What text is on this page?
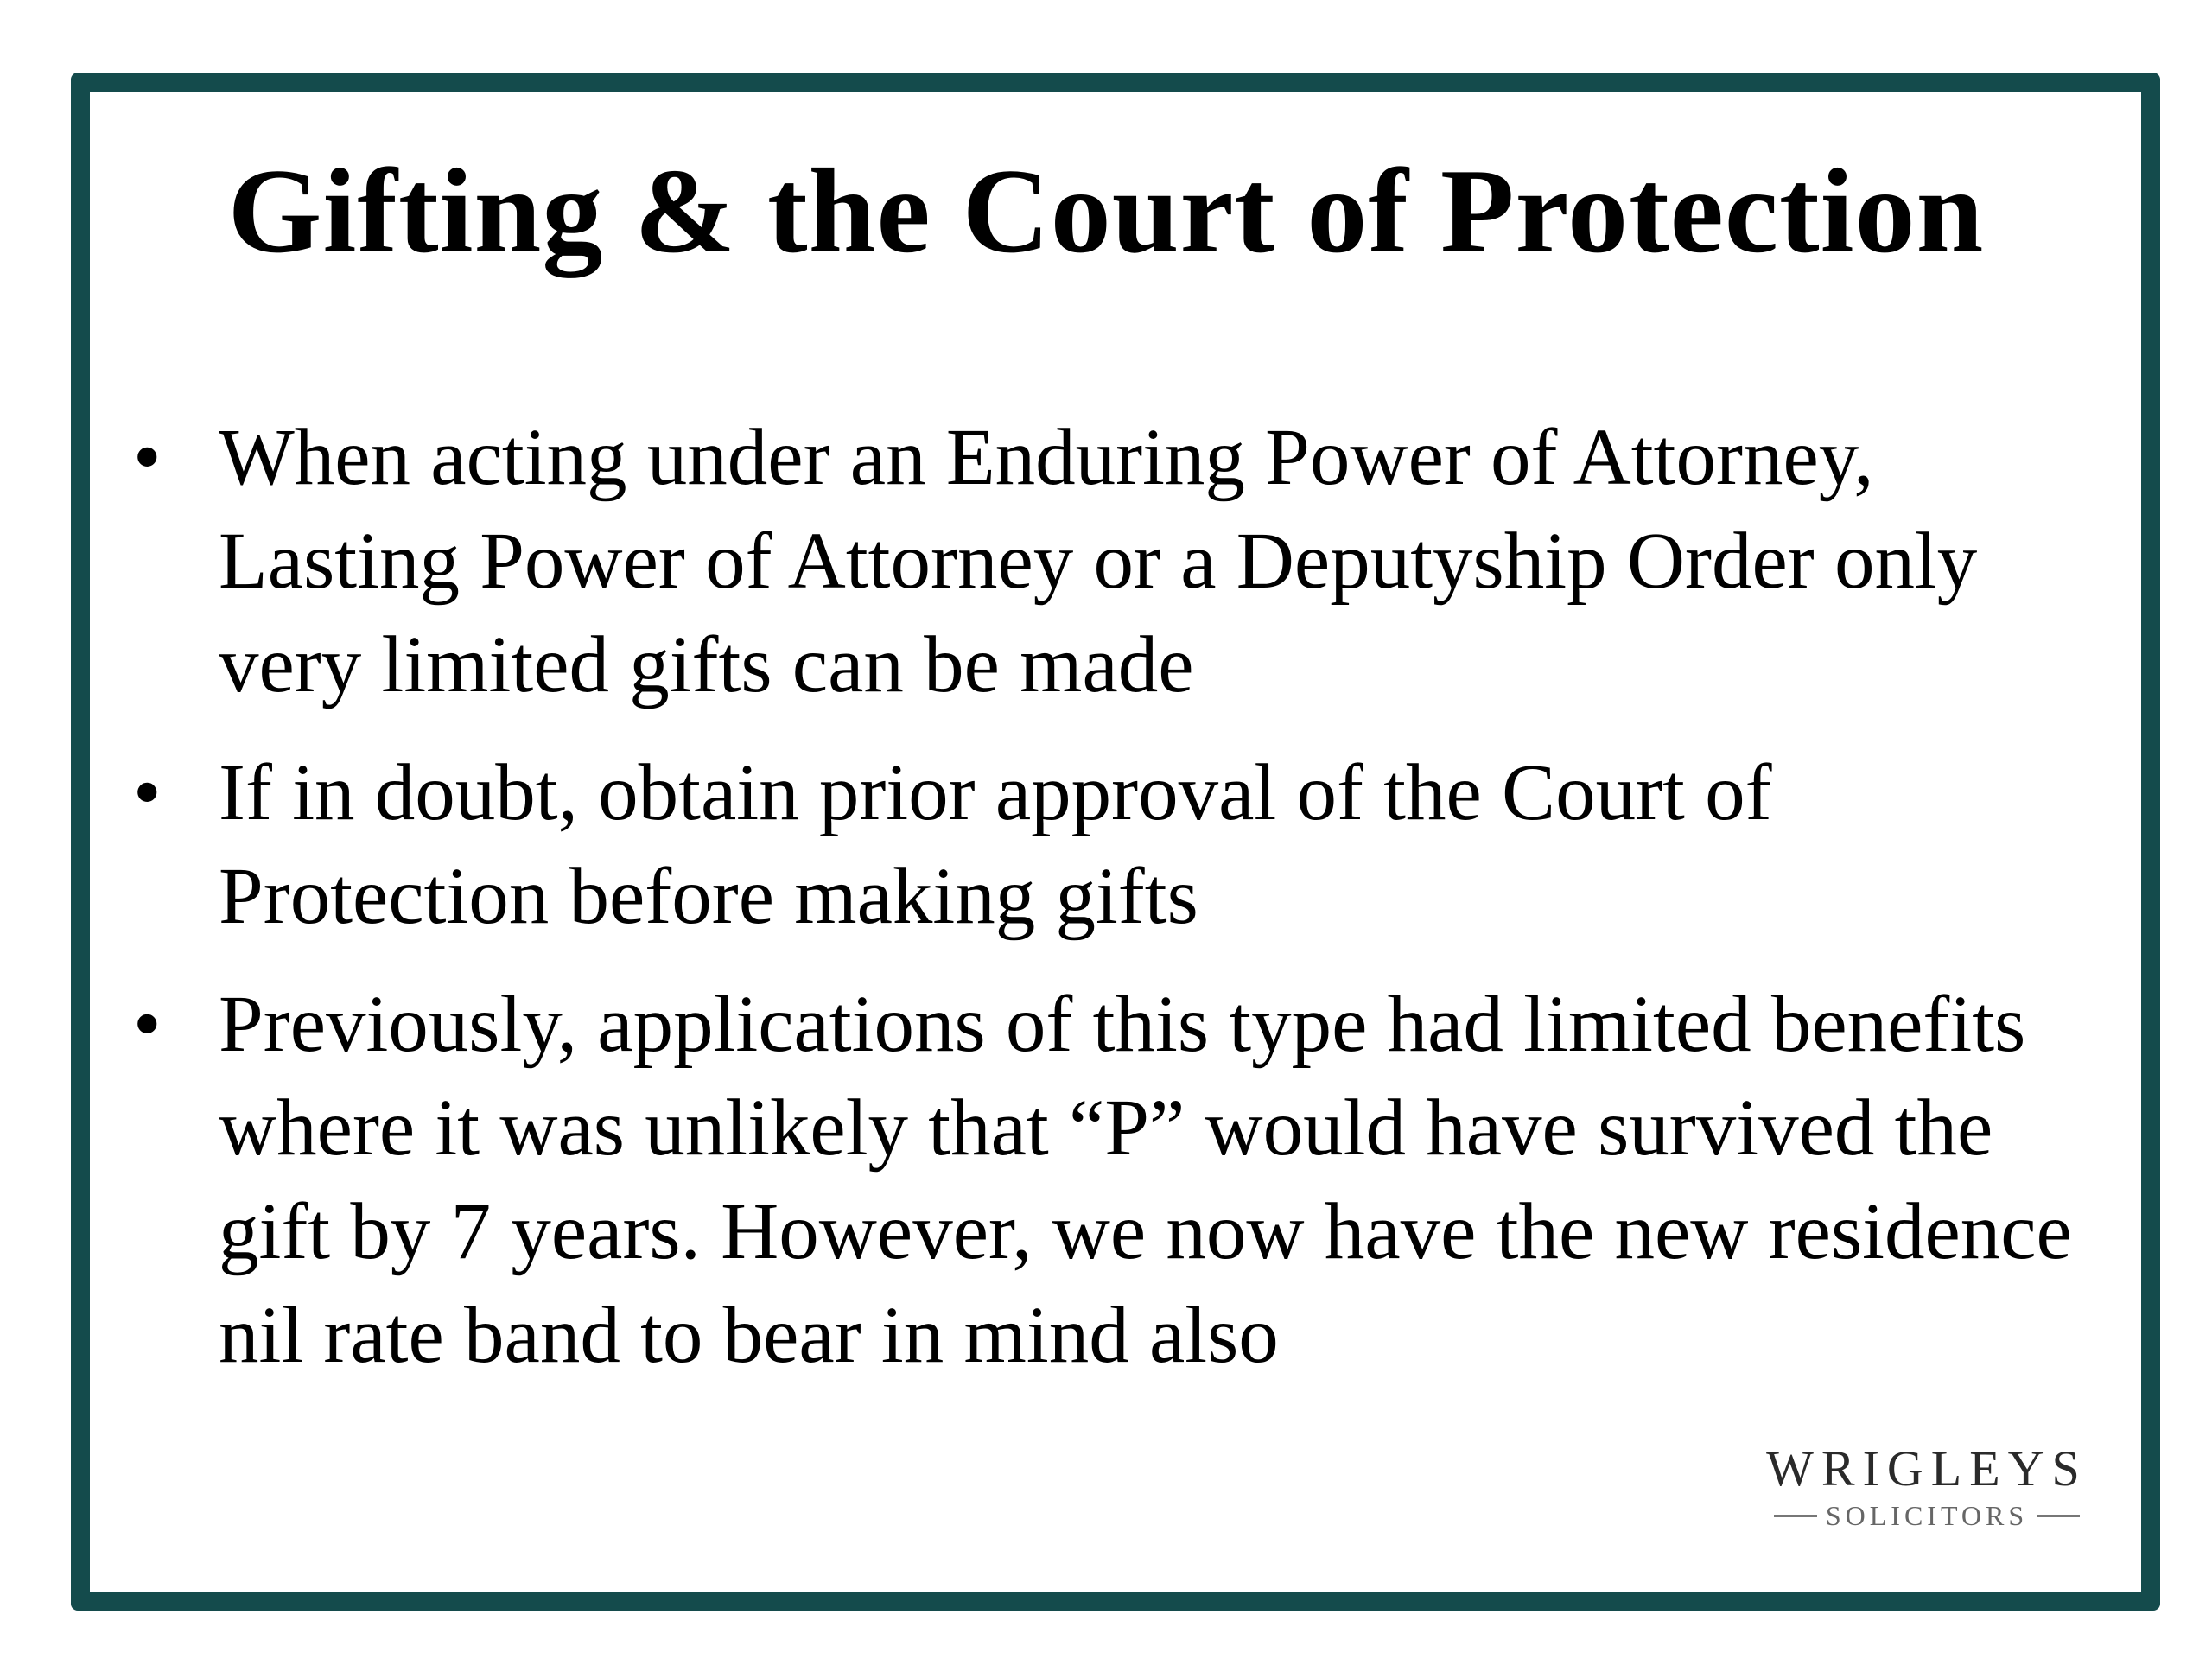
Gifting & the Court of Protection
• When acting under an Enduring Power of Attorney, Lasting Power of Attorney or a Deputyship Order only very limited gifts can be made
• If in doubt, obtain prior approval of the Court of Protection before making gifts
• Previously, applications of this type had limited benefits where it was unlikely that “P” would have survived the gift by 7 years. However, we now have the new residence nil rate band to bear in mind also
WRIGLEYS
SOLICITORS
